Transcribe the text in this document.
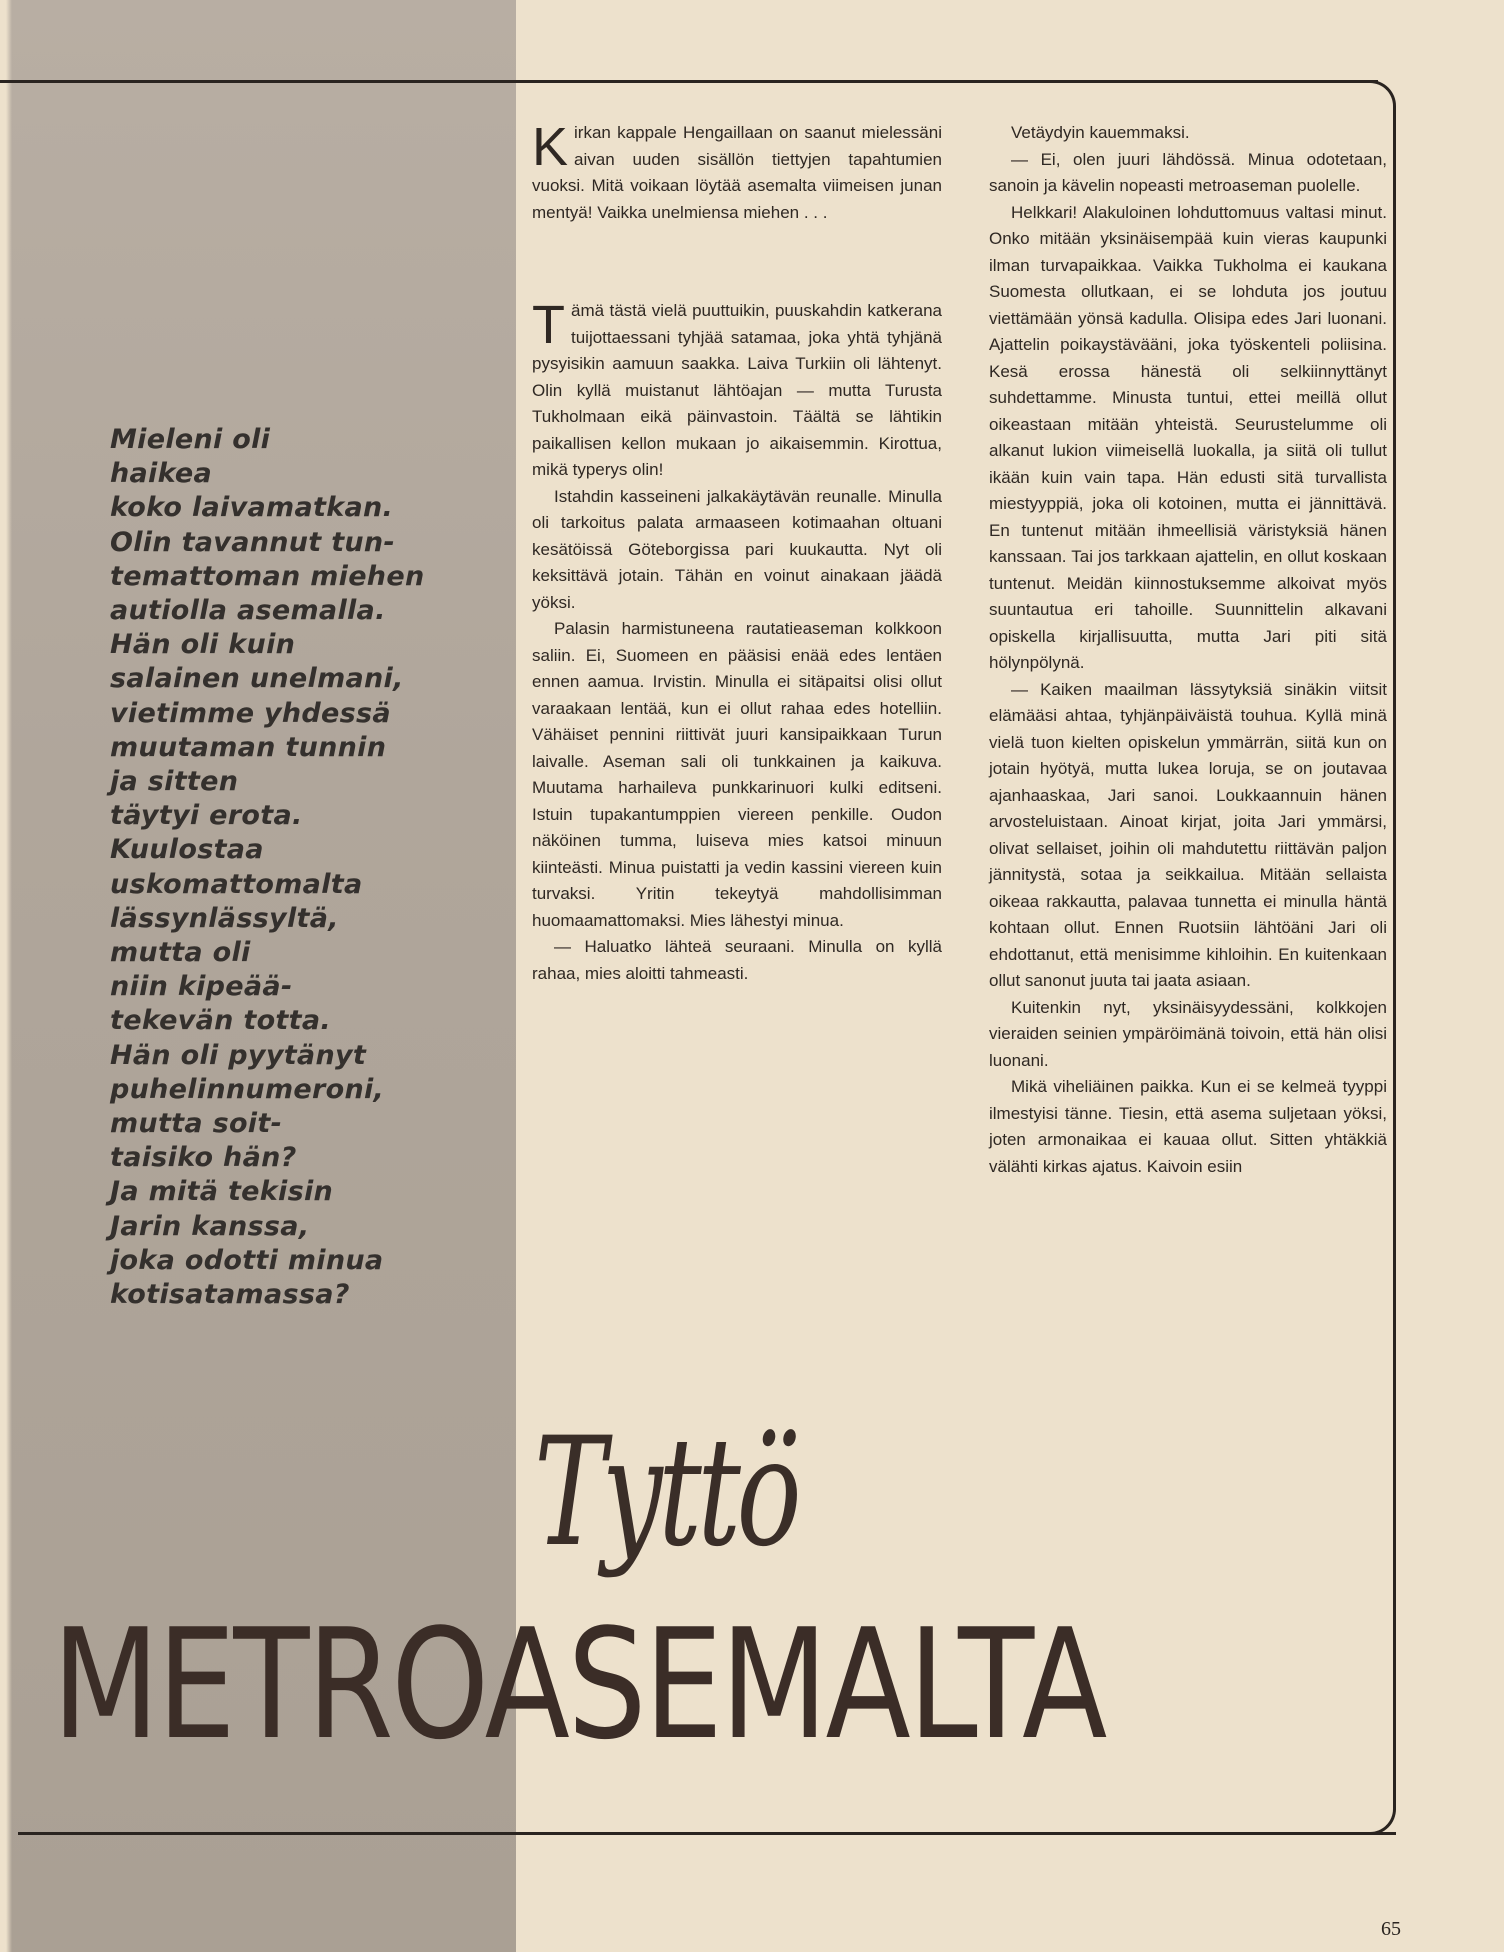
Mieleni oli
haikea
koko laivamatkan.
Olin tavannut tun-
temattoman miehen
autiolla asemalla.
Hän oli kuin
salainen unelmani,
vietimme yhdessä
muutaman tunnin
ja sitten
täytyi erota.
Kuulostaa
uskomattomalta
lässynlässyltä,
mutta oli
niin kipeää-
tekevän totta.
Hän oli pyytänyt
puhelinnumeroni,
mutta soit-
taisiko hän?
Ja mitä tekisin
Jarin kanssa,
joka odotti minua
kotisatamassa?

Kirkan kappale Hengaillaan on saanut mielessäni aivan uuden sisällön tiettyjen tapahtumien vuoksi. Mitä voikaan löytää asemalta viimeisen junan mentyä! Vaikka unelmiensa miehen . . .

Tämä tästä vielä puuttuikin, puuskahdin katkerana tuijottaessani tyhjää satamaa, joka yhtä tyhjänä pysyisikin aamuun saakka. Laiva Turkiin oli lähtenyt. Olin kyllä muistanut lähtöajan — mutta Turusta Tukholmaan eikä päinvastoin. Täältä se lähtikin paikallisen kellon mukaan jo aikaisemmin. Kirottua, mikä typerys olin!

Istahdin kasseineni jalkakäytävän reunalle. Minulla oli tarkoitus palata armaaseen kotimaahan oltuani kesätöissä Göteborgissa pari kuukautta. Nyt oli keksittävä jotain. Tähän en voinut ainakaan jäädä yöksi.

Palasin harmistuneena rautatieaseman kolkkoon saliin. Ei, Suomeen en pääsisi enää edes lentäen ennen aamua. Irvistin. Minulla ei sitäpaitsi olisi ollut varaakaan lentää, kun ei ollut rahaa edes hotelliin. Vähäiset pennini riittivät juuri kansipaikkaan Turun laivalle. Aseman sali oli tunkkainen ja kaikuva. Muutama harhaileva punkkarinuori kulki editseni. Istuin tupakantumppien viereen penkille. Oudon näköinen tumma, luiseva mies katsoi minuun kiinteästi. Minua puistatti ja vedin kassini viereen kuin turvaksi. Yritin tekeytyä mahdollisimman huomaamattomaksi. Mies lähestyi minua.

— Haluatko lähteä seuraani. Minulla on kyllä rahaa, mies aloitti tahmeasti.

Vetäydyin kauemmaksi.

— Ei, olen juuri lähdössä. Minua odotetaan, sanoin ja kävelin nopeasti metroaseman puolelle.

Helkkari! Alakuloinen lohduttomuus valtasi minut. Onko mitään yksinäisempää kuin vieras kaupunki ilman turvapaikkaa. Vaikka Tukholma ei kaukana Suomesta ollutkaan, ei se lohduta jos joutuu viettämään yönsä kadulla. Olisipa edes Jari luonani. Ajattelin poikaystävääni, joka työskenteli poliisina. Kesä erossa hänestä oli selkiinnyttänyt suhdettamme. Minusta tuntui, ettei meillä ollut oikeastaan mitään yhteistä. Seurustelumme oli alkanut lukion viimeisellä luokalla, ja siitä oli tullut ikään kuin vain tapa. Hän edusti sitä turvallista miestyyppiä, joka oli kotoinen, mutta ei jännittävä. En tuntenut mitään ihmeellisiä väristyksiä hänen kanssaan. Tai jos tarkkaan ajattelin, en ollut koskaan tuntenut. Meidän kiinnostuksemme alkoivat myös suuntautua eri tahoille. Suunnittelin alkavani opiskella kirjallisuutta, mutta Jari piti sitä hölynpölynä.

— Kaiken maailman lässytyksiä sinäkin viitsit elämääsi ahtaa, tyhjänpäiväistä touhua. Kyllä minä vielä tuon kielten opiskelun ymmärrän, siitä kun on jotain hyötyä, mutta lukea loruja, se on joutavaa ajanhaaskaa, Jari sanoi. Loukkaannuin hänen arvosteluistaan. Ainoat kirjat, joita Jari ymmärsi, olivat sellaiset, joihin oli mahdutettu riittävän paljon jännitystä, sotaa ja seikkailua. Mitään sellaista oikeaa rakkautta, palavaa tunnetta ei minulla häntä kohtaan ollut. Ennen Ruotsiin lähtöäni Jari oli ehdottanut, että menisimme kihloihin. En kuitenkaan ollut sanonut juuta tai jaata asiaan.

Kuitenkin nyt, yksinäisyydessäni, kolkkojen vieraiden seinien ympäröimänä toivoin, että hän olisi luonani.

Mikä viheliäinen paikka. Kun ei se kelmeä tyyppi ilmestyisi tänne. Tiesin, että asema suljetaan yöksi, joten armonaikaa ei kauaa ollut. Sitten yhtäkkiä välähti kirkas ajatus. Kaivoin esiin

Tyttö
METROASEMALTA

65
